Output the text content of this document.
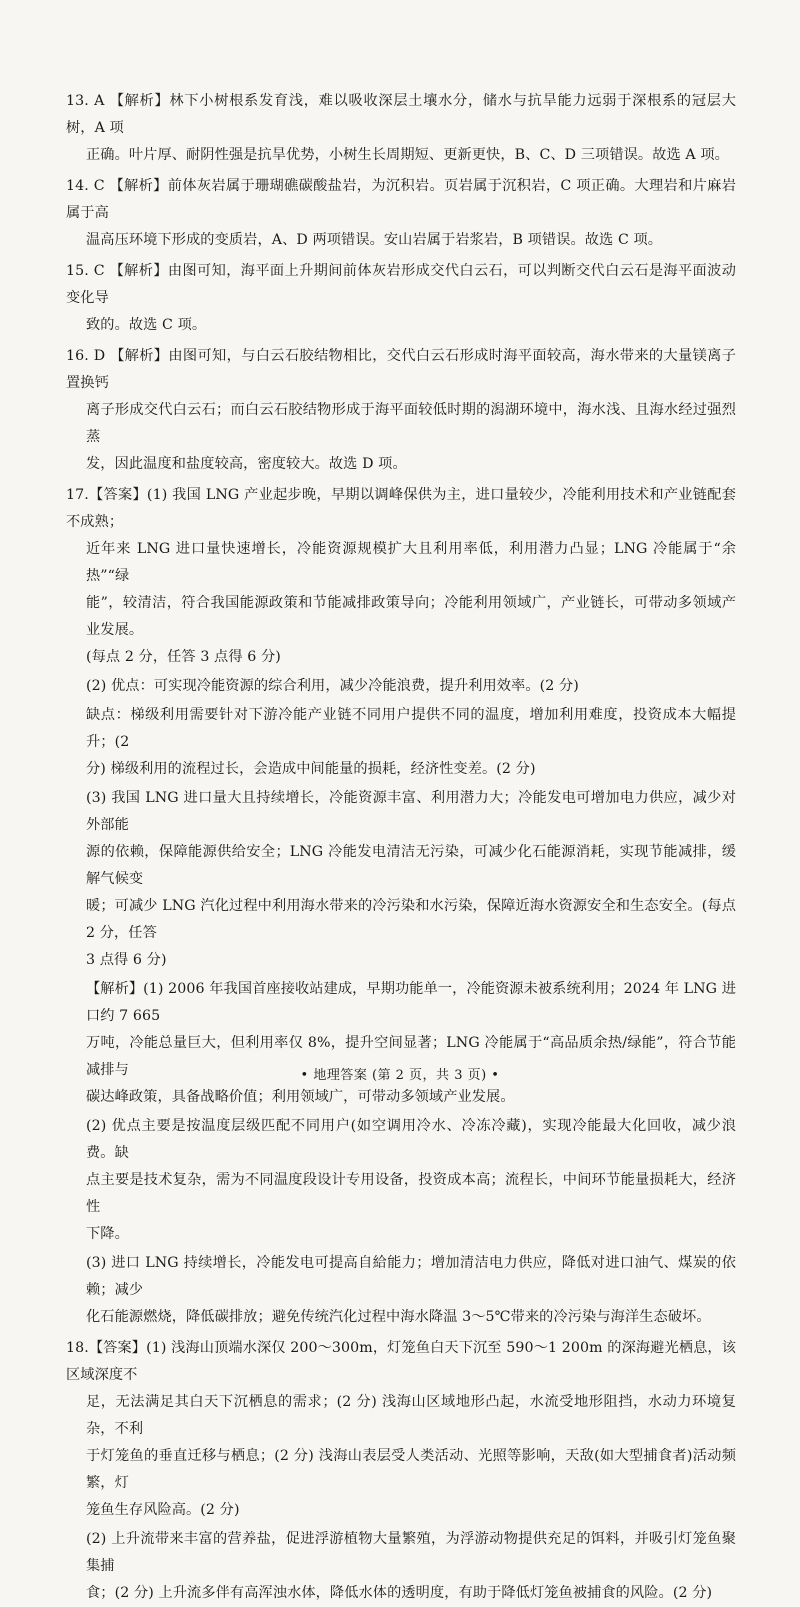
13. A 【解析】林下小树根系发育浅，难以吸收深层土壤水分，储水与抗旱能力远弱于深根系的冠层大树，A 项

正确。叶片厚、耐阴性强是抗旱优势，小树生长周期短、更新更快，B、C、D 三项错误。故选 A 项。

14. C 【解析】前体灰岩属于珊瑚礁碳酸盐岩，为沉积岩。页岩属于沉积岩，C 项正确。大理岩和片麻岩属于高

温高压环境下形成的变质岩，A、D 两项错误。安山岩属于岩浆岩，B 项错误。故选 C 项。

15. C 【解析】由图可知，海平面上升期间前体灰岩形成交代白云石，可以判断交代白云石是海平面波动变化导

致的。故选 C 项。

16. D 【解析】由图可知，与白云石胶结物相比，交代白云石形成时海平面较高，海水带来的大量镁离子置换钙

离子形成交代白云石；而白云石胶结物形成于海平面较低时期的潟湖环境中，海水浅、且海水经过强烈蒸

发，因此温度和盐度较高，密度较大。故选 D 项。

17.【答案】(1) 我国 LNG 产业起步晚，早期以调峰保供为主，进口量较少，冷能利用技术和产业链配套不成熟；

近年来 LNG 进口量快速增长，冷能资源规模扩大且利用率低，利用潜力凸显；LNG 冷能属于“余热”“绿

能”，较清洁，符合我国能源政策和节能减排政策导向；冷能利用领域广，产业链长，可带动多领域产业发展。

(每点 2 分，任答 3 点得 6 分)

(2) 优点：可实现冷能资源的综合利用，减少冷能浪费，提升利用效率。(2 分)

缺点：梯级利用需要针对下游冷能产业链不同用户提供不同的温度，增加利用难度，投资成本大幅提升；(2

分) 梯级利用的流程过长，会造成中间能量的损耗，经济性变差。(2 分)

(3) 我国 LNG 进口量大且持续增长，冷能资源丰富、利用潜力大；冷能发电可增加电力供应，减少对外部能

源的依赖，保障能源供给安全；LNG 冷能发电清洁无污染，可减少化石能源消耗，实现节能减排，缓解气候变

暖；可减少 LNG 汽化过程中利用海水带来的冷污染和水污染，保障近海水资源安全和生态安全。(每点 2 分，任答

3 点得 6 分)

【解析】(1) 2006 年我国首座接收站建成，早期功能单一，冷能资源未被系统利用；2024 年 LNG 进口约 7 665

万吨，冷能总量巨大，但利用率仅 8%，提升空间显著；LNG 冷能属于“高品质余热/绿能”，符合节能减排与

碳达峰政策，具备战略价值；利用领域广，可带动多领域产业发展。

(2) 优点主要是按温度层级匹配不同用户(如空调用冷水、冷冻冷藏)，实现冷能最大化回收，减少浪费。缺

点主要是技术复杂，需为不同温度段设计专用设备，投资成本高；流程长，中间环节能量损耗大，经济性

下降。

(3) 进口 LNG 持续增长，冷能发电可提高自給能力；增加清洁电力供应，降低对进口油气、煤炭的依赖；减少

化石能源燃烧，降低碳排放；避免传统汽化过程中海水降温 3～5℃带来的冷污染与海洋生态破坏。

18.【答案】(1) 浅海山顶端水深仅 200～300m，灯笼鱼白天下沉至 590～1 200m 的深海避光栖息，该区域深度不

足，无法满足其白天下沉栖息的需求；(2 分) 浅海山区域地形凸起，水流受地形阻挡，水动力环境复杂，不利

于灯笼鱼的垂直迁移与栖息；(2 分) 浅海山表层受人类活动、光照等影响，天敌(如大型捕食者)活动频繁，灯

笼鱼生存风险高。(2 分)

(2) 上升流带来丰富的营养盐，促进浮游植物大量繁殖，为浮游动物提供充足的饵料，并吸引灯笼鱼聚集捕

食；(2 分) 上升流多伴有高浑浊水体，降低水体的透明度，有助于降低灯笼鱼被捕食的风险。(2 分)

• 地理答案 (第 2 页，共 3 页) •
